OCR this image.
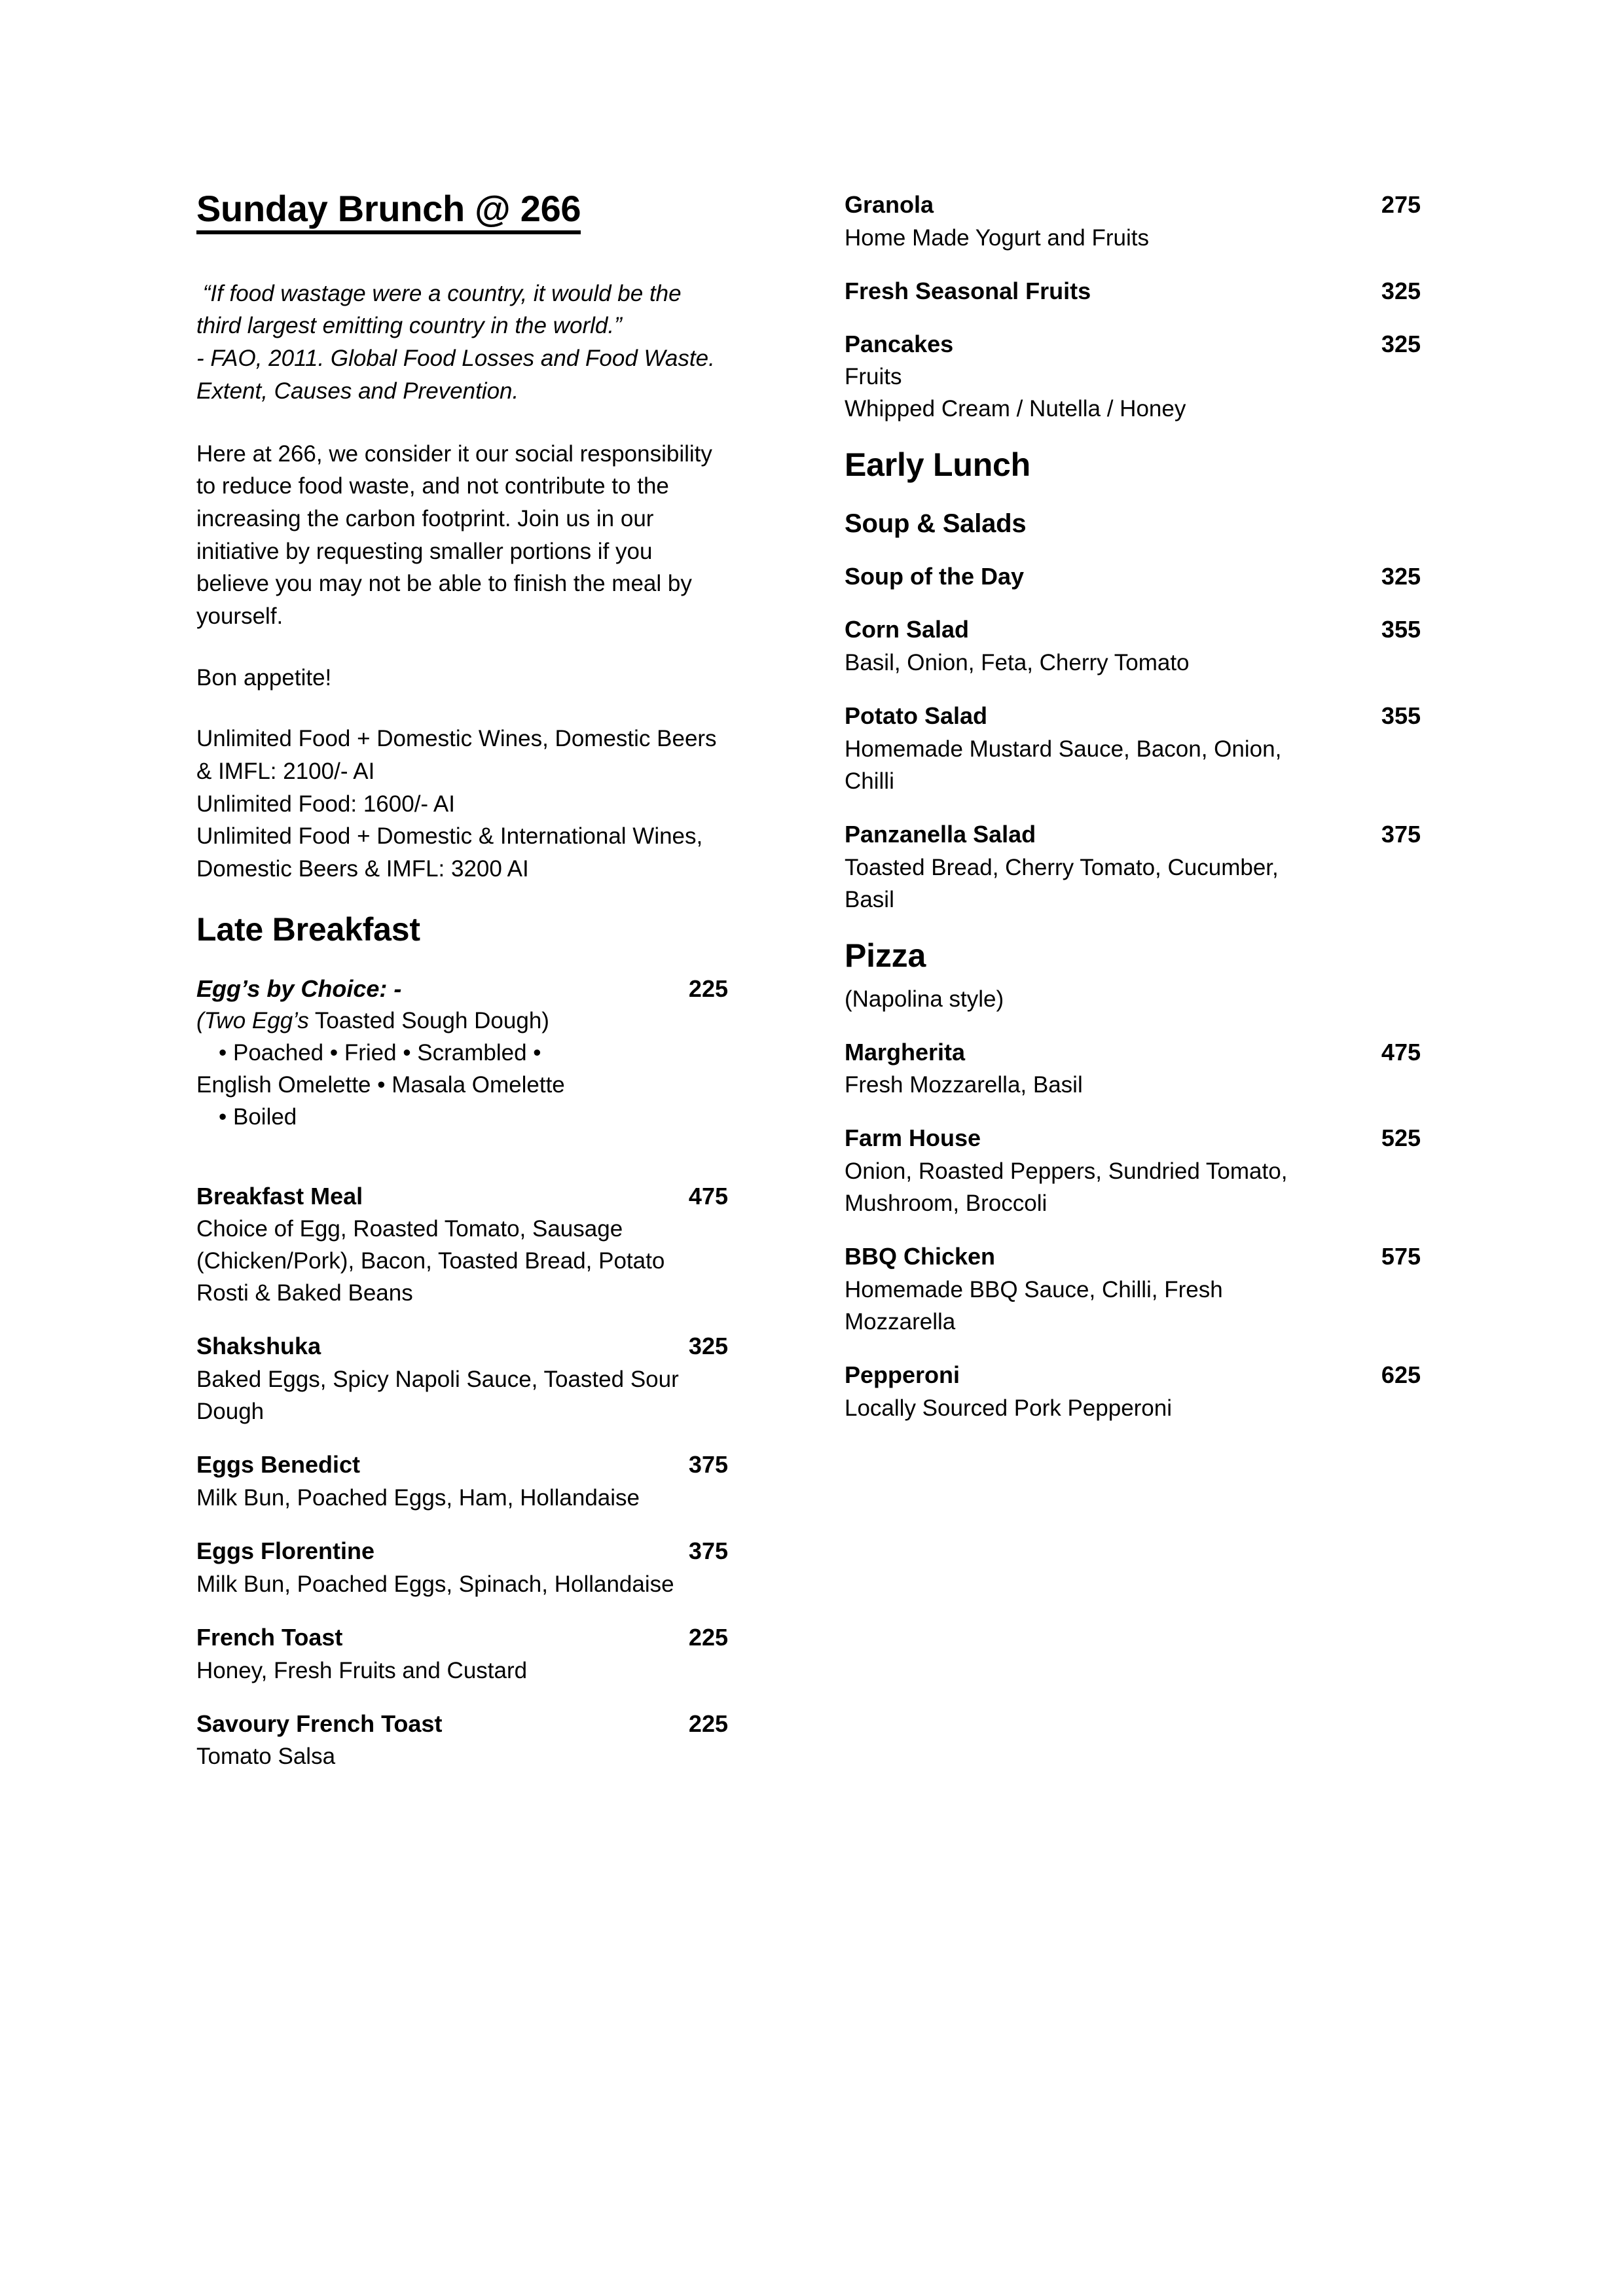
Sunday Brunch @ 266
“If food wastage were a country, it would be the
third largest emitting country in the world.”
- FAO, 2011. Global Food Losses and Food Waste.
Extent, Causes and Prevention.
Here at 266, we consider it our social responsibility
to reduce food waste, and not contribute to the
increasing the carbon footprint. Join us in our
initiative by requesting smaller portions if you
believe you may not be able to finish the meal by
yourself.
Bon appetite!
Unlimited Food + Domestic Wines, Domestic Beers
& IMFL: 2100/- AI
Unlimited Food: 1600/- AI
Unlimited Food + Domestic & International Wines,
Domestic Beers & IMFL: 3200 AI
Late Breakfast
Egg’s by Choice: -	225
(Two Egg’s Toasted Sough Dough)
• Poached • Fried • Scrambled •
English Omelette • Masala Omelette
• Boiled
Breakfast Meal	475
Choice of Egg, Roasted Tomato, Sausage
(Chicken/Pork), Bacon, Toasted Bread, Potato
Rosti & Baked Beans
Shakshuka	325
Baked Eggs, Spicy Napoli Sauce, Toasted Sour
Dough
Eggs Benedict	375
Milk Bun, Poached Eggs, Ham, Hollandaise
Eggs Florentine	375
Milk Bun, Poached Eggs, Spinach, Hollandaise
French Toast	225
Honey, Fresh Fruits and Custard
Savoury French Toast	225
Tomato Salsa
Granola	275
Home Made Yogurt and Fruits
Fresh Seasonal Fruits	325
Pancakes	325
Fruits
Whipped Cream / Nutella / Honey
Early Lunch
Soup & Salads
Soup of the Day	325
Corn Salad	355
Basil, Onion, Feta, Cherry Tomato
Potato Salad	355
Homemade Mustard Sauce, Bacon, Onion,
Chilli
Panzanella Salad	375
Toasted Bread, Cherry Tomato, Cucumber,
Basil
Pizza
(Napolina style)
Margherita	475
Fresh Mozzarella, Basil
Farm House	525
Onion, Roasted Peppers, Sundried Tomato,
Mushroom, Broccoli
BBQ Chicken	575
Homemade BBQ Sauce, Chilli, Fresh
Mozzarella
Pepperoni	625
Locally Sourced Pork Pepperoni
